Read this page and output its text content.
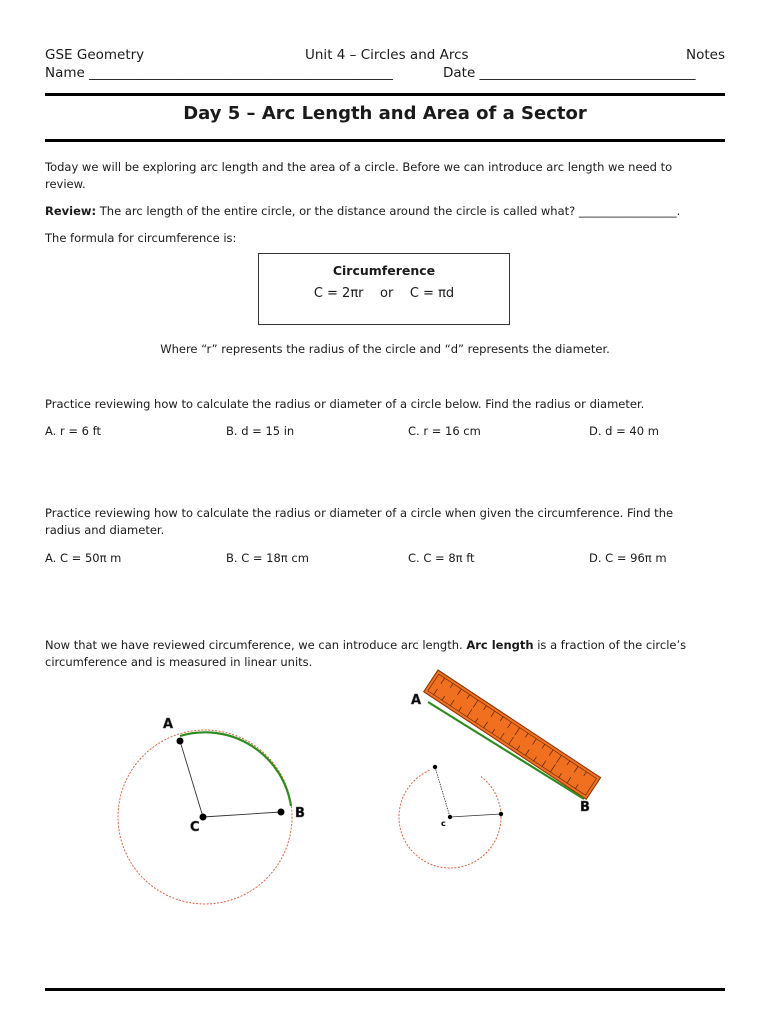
GSE Geometry	Unit 4 – Circles and Arcs	Notes
Name _____________________________________________	Date ________________________________
Day 5 – Arc Length and Area of a Sector
Today we will be exploring arc length and the area of a circle. Before we can introduce arc length we need to
review.
Review: The arc length of the entire circle, or the distance around the circle is called what? _________________.
The formula for circumference is:
Circumference
C = 2πr    or    C = πd
Where “r” represents the radius of the circle and “d” represents the diameter.
Practice reviewing how to calculate the radius or diameter of a circle below. Find the radius or diameter.
A. r = 6 ft	B. d = 15 in	C. r = 16 cm	D. d = 40 m
Practice reviewing how to calculate the radius or diameter of a circle when given the circumference. Find the
radius and diameter.
A. C = 50π m	B. C = 18π cm	C. C = 8π ft	D. C = 96π m
Now that we have reviewed circumference, we can introduce arc length. Arc length is a fraction of the circle’s
circumference and is measured in linear units.
A
C
B
c
A
B
